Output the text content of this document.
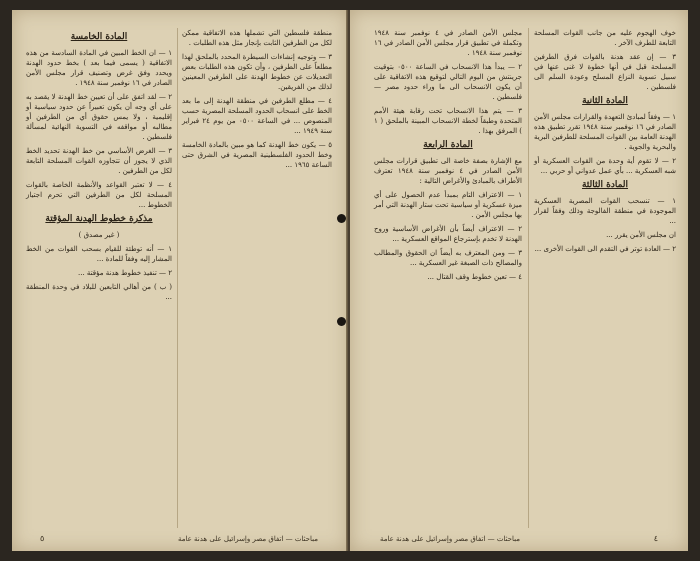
منطقة فلسطين التي تشملها هذه الاتفاقية ممكن لكل من الطرفين الثابت بإنجاز مثل هذه الطلبات .

٣ — وتوجيه إنشاءات السيطرة المحدد بالملحق لهذا مطلعاً على الطرفين ، وأن تكون هذه الطلبات بعض التعديلات عن خطوط الهدنة على الطرفين المعينين لذلك من الفريقين.

٤ — مطلع الطرفين في منطقة الهدنة إلى ما بعد الخط على انسحاب الحدود المسلحة المصرية حسب المنصوص ... في الساعة ٠٥٠٠ من يوم ٢٤ فبراير سنة ١٩٤٩ ...

٥ — يكون خط الهدنة كما هو مبين بالمادة الخامسة وخط الحدود الفلسطينية المصرية في الشرق حتى الساعة ١٩٦٥ ...

المادة الخامسة

١ — ان الخط المبين في المادة السادسة من هذه الاتفاقية ( يسمى فيما بعد ) بخط حدود الهدنة ويحدد وفق غرض وتصنيف قرار مجلس الأمن الصادر في ١٦ نوفمبر سنة ١٩٤٨ .

٢ — لقد اتفق على أن تعيين خط الهدنة لا يقصد به على أي وجه أن يكون تعبيراً عن حدود سياسية أو إقليمية ، ولا يمس حقوق أي من الطرفين أو مطالبه أو مواقفه في التسوية النهائية لمسألة فلسطين .

٣ — الغرض الأساسي من خط الهدنة تحديد الخط الذي لا يجوز أن تتجاوزه القوات المسلحة التابعة لكل من الطرفين .

٤ — لا تعتبر القواعد والأنظمة الخاصة بالقوات المسلحة لكل من الطرفين التي تحرم اجتياز الخطوط ...

مذكرة خطوط الهدنة المؤقتة

( غير مصدق )

١ — أنه توطئة للقيام بسحب القوات من الخط المشار إليه وفقاً للمادة ...

٢ — تنفيذ خطوط هدنة مؤقتة ...

( ب ) من أهالي التابعين للبلاد في وحدة المنطقة ...

٥	مباحثات — اتفاق مصر وإسرائيل على هدنة عامة

خوف الهجوم عليه من جانب القوات المسلحة التابعة للطرف الآخر .

٣ — إن عقد هدنة بالقوات فرق الطرفين المسلحة قبل في أنها خطوة لا غنى عنها في سبيل تسوية النزاع المسلح وعودة السلم الى فلسطين .

المادة الثانية

١ — وفقاً لمبادئ التعهدة والقرارات مجلس الأمن الصادر في ١٦ نوفمبر سنة ١٩٤٨ تقرر تطبيق هذه الهدنة العامة بين القوات المسلحة للطرفين البرية والبحرية والجوية .

٢ — لا تقوم أية وحدة من القوات العسكرية أو شبه العسكرية ... بأي عمل عدواني أو حربي ...

المادة الثالثة

١ — تنسحب القوات المصرية العسكرية الموجودة في منطقة الفالوجة وذلك وفقاً لقرار ...

ان مجلس الأمن يقرر ...

٢ — العادة توتر في التقدم الى القوات الأخرى ...

مجلس الأمن الصادر في ٤ نوفمبر سنة ١٩٤٨ وتكملة في تطبيق قرار مجلس الأمن الصادر في ١٦ نوفمبر سنة ١٩٤٨ .

٢ — يبدأ هذا الانسحاب في الساعة ٠٥٠٠ بتوقيت جرينتش من اليوم التالي لتوقيع هذه الاتفاقية على أن يكون الانسحاب الى ما وراء حدود مصر — فلسطين .

٣ — يتم هذا الانسحاب تحت رقابة هيئة الأمم المتحدة وطبقاً لخطة الانسحاب المبينة بالملحق ( ١ ) المرفق بهذا .

المادة الرابعة

مع الإشارة بصفة خاصة الى تطبيق قرارات مجلس الأمن الصادر في ٤ نوفمبر سنة ١٩٤٨ تعترف الأطراف بالمبادئ والأغراض التالية :

١ — الاعتراف التام بمبدأ عدم الحصول على أي ميزة عسكرية أو سياسية تحت ستار الهدنة التي أمر بها مجلس الأمن .

٢ — الاعتراف أيضاً بأن الأغراض الأساسية وروح الهدنة لا تخدم بإسترجاع المواقع العسكرية ...

٣ — ومن المعترف به أيضاً ان الحقوق والمطالب والمصالح ذات الصبغة غير العسكرية ...

٤ — تعين خطوط وقف القتال ...

٤
مباحثات — اتفاق مصر وإسرائيل على هدنة عامة
